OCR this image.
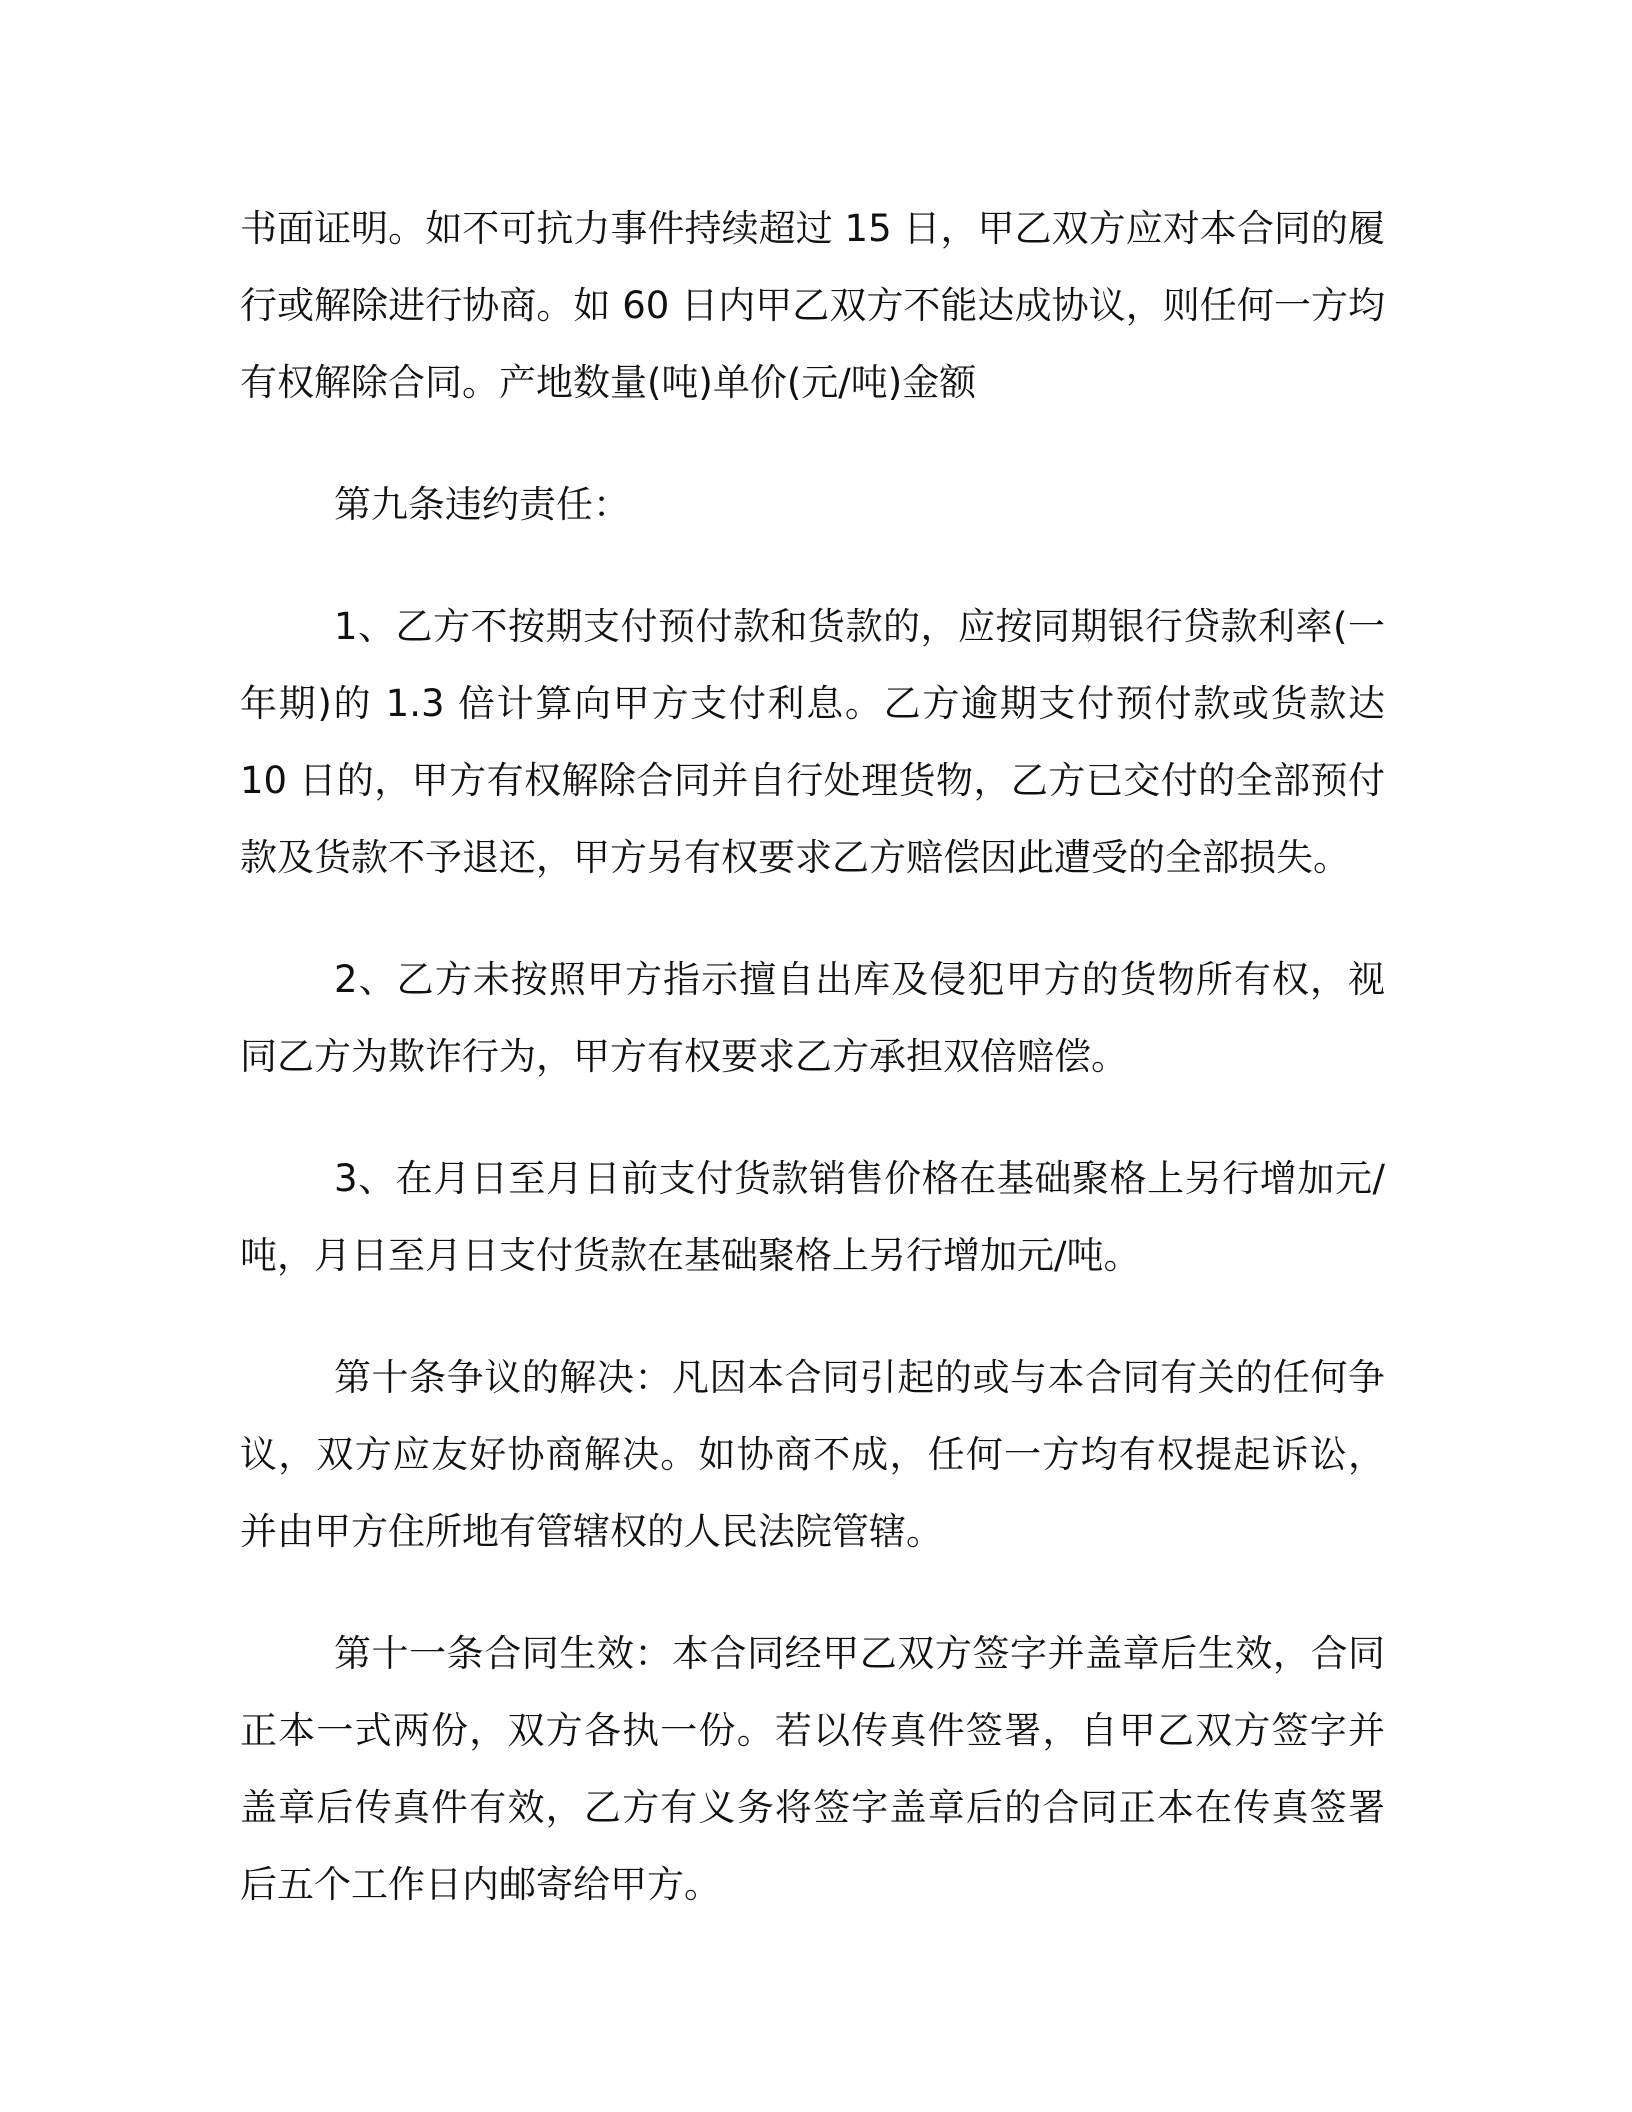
书面证明。如不可抗力事件持续超过 15 日，甲乙双方应对本合同的履行或解除进行协商。如 60 日内甲乙双方不能达成协议，则任何一方均有权解除合同。产地数量(吨)单价(元/吨)金额

第九条违约责任：

1、乙方不按期支付预付款和货款的，应按同期银行贷款利率(一年期)的 1.3 倍计算向甲方支付利息。乙方逾期支付预付款或货款达 10 日的，甲方有权解除合同并自行处理货物，乙方已交付的全部预付款及货款不予退还，甲方另有权要求乙方赔偿因此遭受的全部损失。

2、乙方未按照甲方指示擅自出库及侵犯甲方的货物所有权，视同乙方为欺诈行为，甲方有权要求乙方承担双倍赔偿。

3、在月日至月日前支付货款销售价格在基础聚格上另行增加元/吨，月日至月日支付货款在基础聚格上另行增加元/吨。

第十条争议的解决：凡因本合同引起的或与本合同有关的任何争议，双方应友好协商解决。如协商不成，任何一方均有权提起诉讼，并由甲方住所地有管辖权的人民法院管辖。

第十一条合同生效：本合同经甲乙双方签字并盖章后生效，合同正本一式两份，双方各执一份。若以传真件签署，自甲乙双方签字并盖章后传真件有效，乙方有义务将签字盖章后的合同正本在传真签署后五个工作日内邮寄给甲方。
